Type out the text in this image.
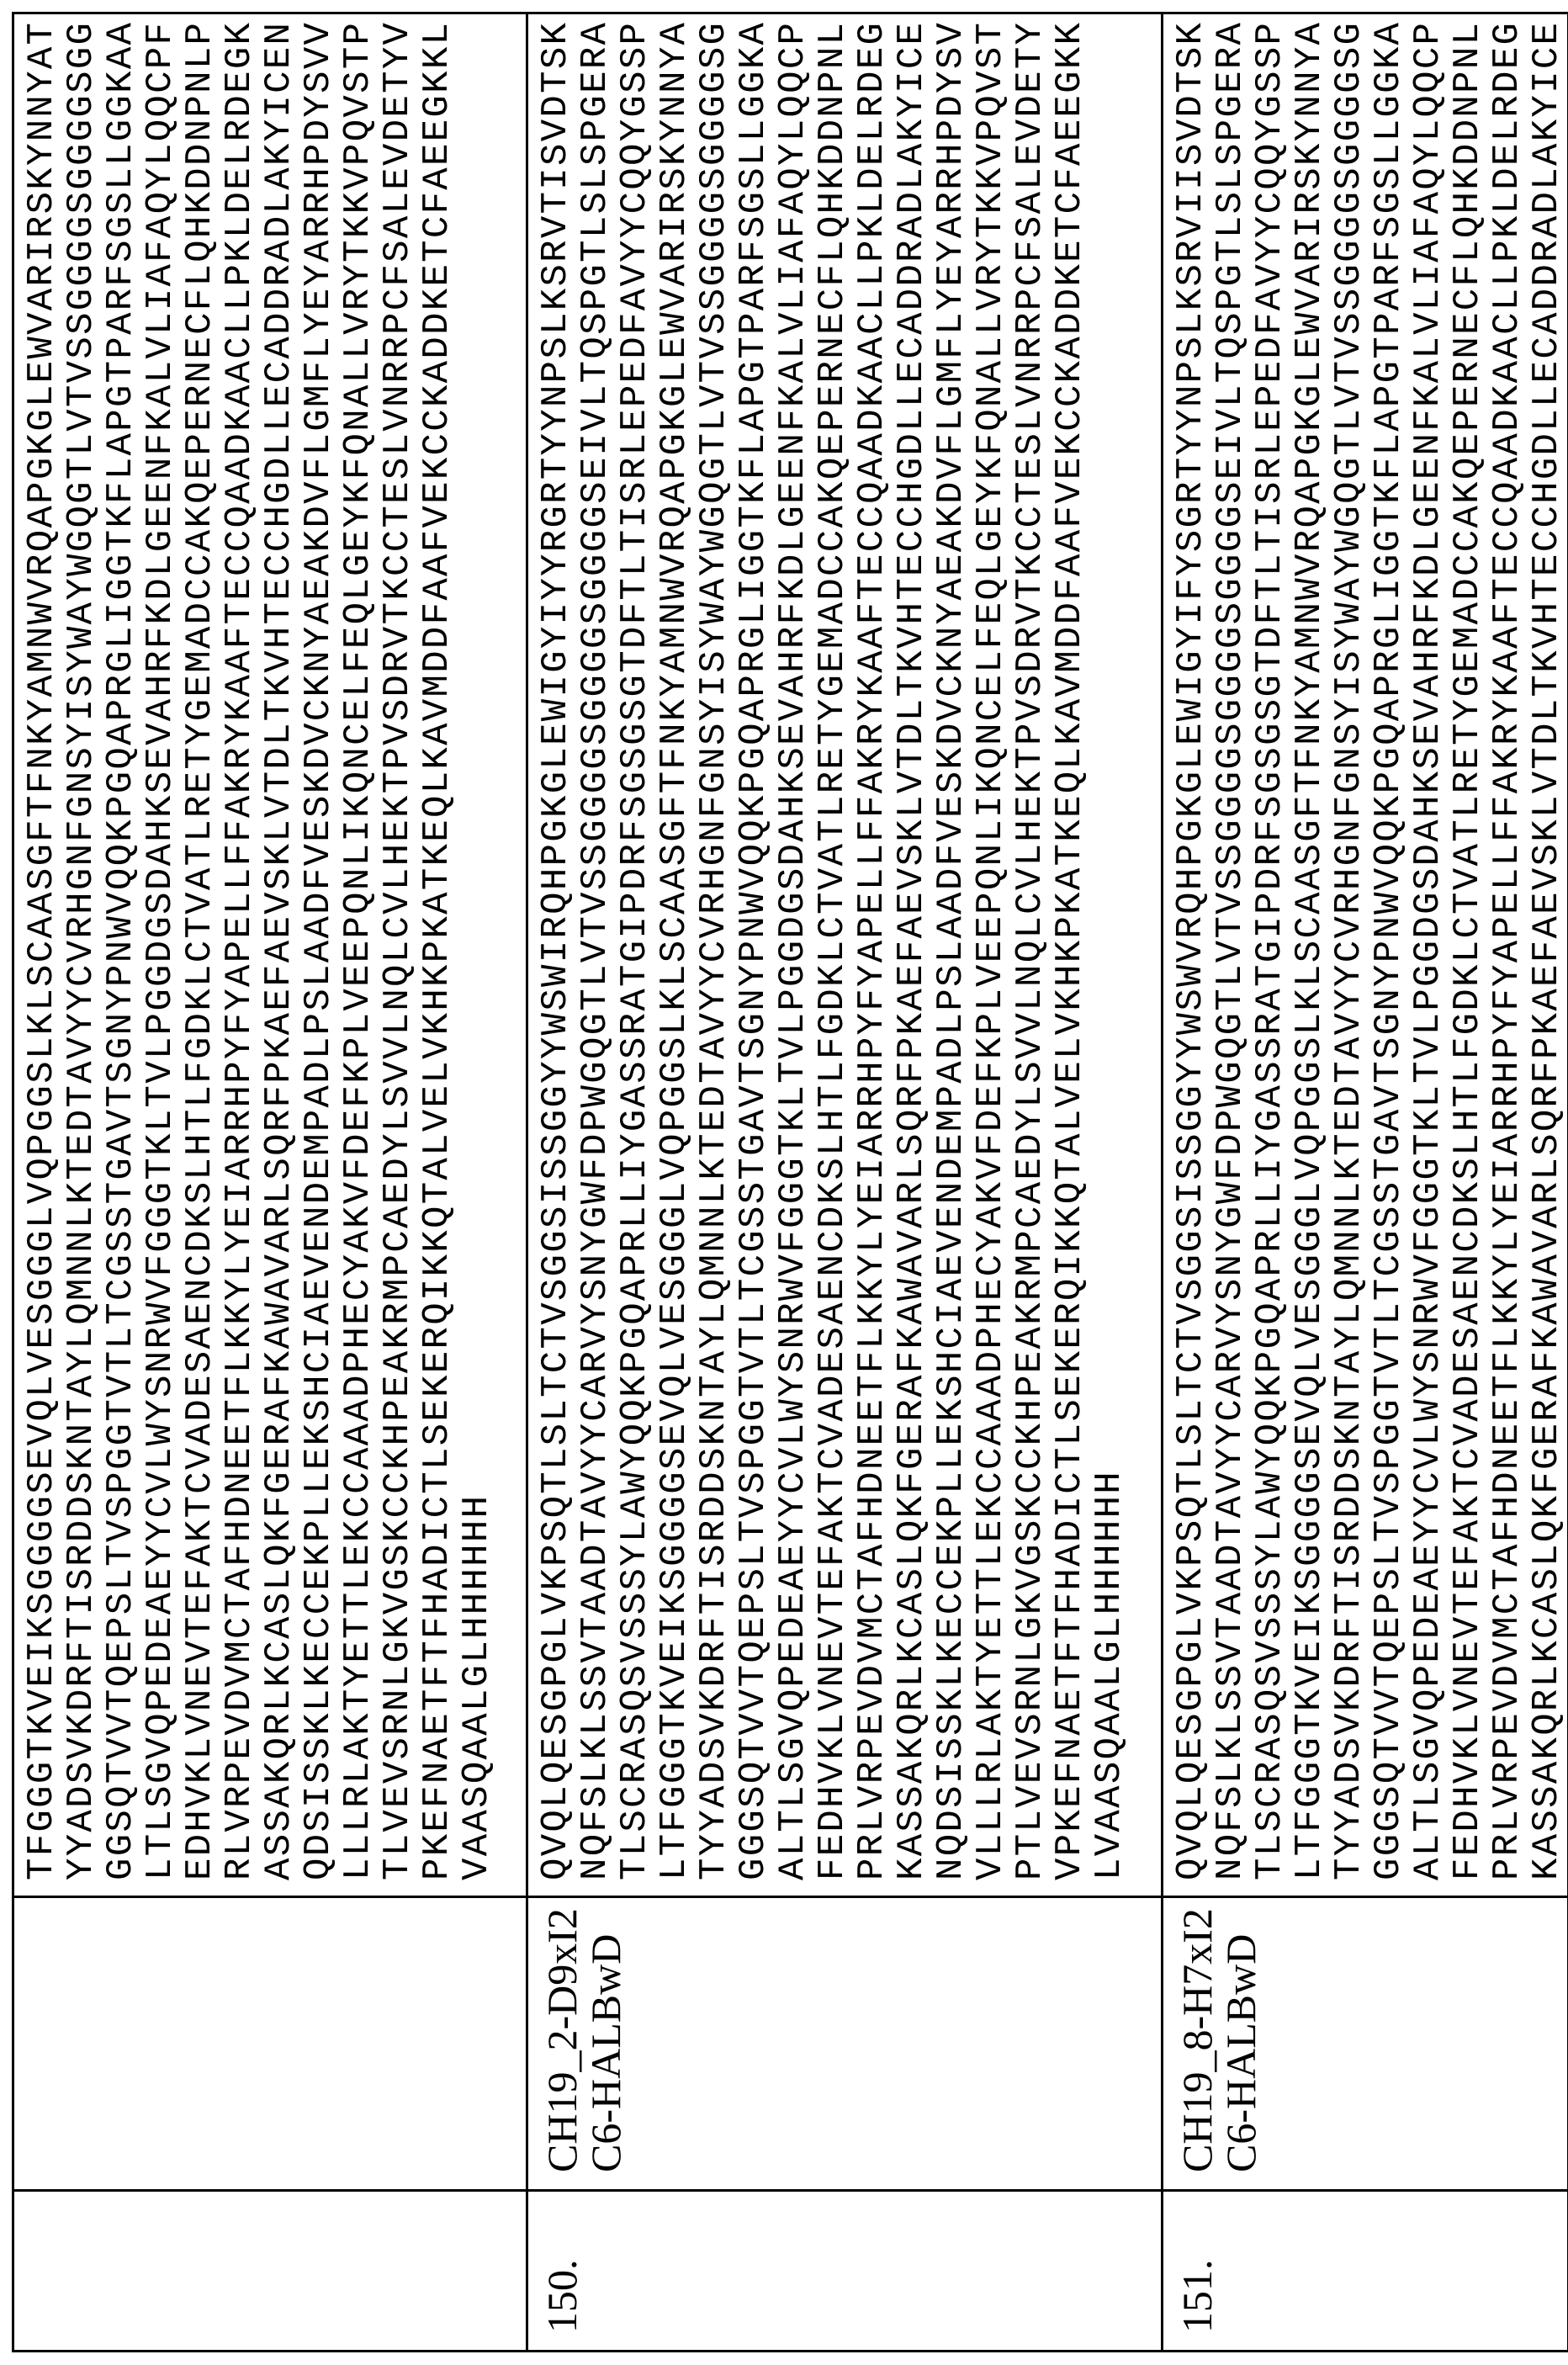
TFGGGTKVEIKSGGGGSEVQLVESGGGLVQPGGSLKLSCAASGFTFNKYAMNWVRQAPGKGLEWVARIRSKYNNYAT
YYADSVKDRFTISRDDSKNTAYLQMNNLKTEDTAVYYCVRHGNFGNSYISYWAYWGQGTLVTVSSGGGGSGGGGSGG
GGSQTVVTQEPSLTVSPGGTVTLTCGSSTGAVTSGNYPNWVQQKPGQAPRGLIGGTKFLAPGTPARFSGSLLGGKAA
LTLSGVQPEDEAEYYCVLWYSNRWVFGGGTKLTVLPGGDGSDAHKSEVAHRFKDLGEENFKALVLIAFAQYLQQCPF
EDHVKLVNEVTEFAKTCVADESAENCDKSLHTLFGDKLCTVATLRETYGEMADCCAKQEPERNECFLQHKDDNPNLP
RLVRPEVDVMCTAFHDNEETFLKKYLYEIARRHPYFYAPELLFFAKRYKAAFTECCQAADKAACLLPKLDELRDEGK
ASSAKQRLKCASLQKFGERAFKAWAVARLSQRFPKAEFAEVSKLVTDLTKVHTECCHGDLLECADDRADLAKYICEN
QDSISSKLKECCEKPLLEKSHCIAEVENDEMPADLPSLAADFVESKDVCKNYAEAKDVFLGMFLYEYARRHPDYSVV
LLLRLAKTYETTLEKCCAAADPHECYAKVFDEFKPLVEEPQNLIKQNCELFEQLGEYKFQNALLVRYTKKVPQVSTP
TLVEVSRNLGKVGSKCCKHPEAKRMPCAEDYLSVVLNQLCVLHEKTPVSDRVTKCCTESLVNRRPCFSALEVDETYV
PKEFNAETFTFHADICTLSEKERQIKKQTALVELVKHKPKATKEQLKAVMDDFAAFVEKCCKADDKETCFAEEGKKL
VAASQAALGLHHHHHH

150.

CH19_2-D9xI2C6-HALBwD

QVQLQESGPGLVKPSQTLSLTCTVSGGSISSGGYYWSWIRQHPGKGLEWIGYIYYRGRTYYNPSLKSRVTISVDTSK
NQFSLKLSSVTAADTAVYYCARVYSNYGWFDPWGQGTLVTVSSGGGGSGGGGSGGGGSEIVLTQSPGTLSLSPGERA
TLSCRASQSVSSSYLAWYQQKPGQAPRLLIYGASSRATGIPDRFSGSGSGTDFTLTISRLEPEDFAVYYCQQYGSSP
LTFGGGTKVEIKSGGGGSEVQLVESGGGLVQPGGSLKLSCAASGFTFNKYAMNWVRQAPGKGLEWVARIRSKYNNYA
TYYADSVKDRFTISRDDSKNTAYLQMNNLKTEDTAVYYCVRHGNFGNSYISYWAYWGQGTLVTVSSGGGGSGGGGSG
GGGSQTVVTQEPSLTVSPGGTVTLTCGSSTGAVTSGNYPNWVQQKPGQAPRGLIGGTKFLAPGTPARFSGSLLGGKA
ALTLSGVQPEDEAEYYCVLWYSNRWVFGGGTKLTVLPGGDGSDAHKSEVAHRFKDLGEENFKALVLIAFAQYLQQCP
FEDHVKLVNEVTEFAKTCVADESAENCDKSLHTLFGDKLCTVATLRETYGEMADCCAKQEPERNECFLQHKDDNPNL
PRLVRPEVDVMCTAFHDNEETFLKKYLYEIARRHPYFYAPELLFFAKRYKAAFTECCQAADKAACLLPKLDELRDEG
KASSAKQRLKCASLQKFGERAFKAWAVARLSQRFPKAEFAEVSKLVTDLTKVHTECCHGDLLECADDRADLAKYICE
NQDSISSKLKECCEKPLLEKSHCIAEVENDEMPADLPSLAADFVESKDVCKNYAEAKDVFLGMFLYEYARRHPDYSV
VLLLRLAKTYETTLEKCCAAADPHECYAKVFDEFKPLVEEPQNLIKQNCELFEQLGEYKFQNALLVRYTKKVPQVST
PTLVEVSRNLGKVGSKCCKHPEAKRMPCAEDYLSVVLNQLCVLHEKTPVSDRVTKCCTESLVNRRPCFSALEVDETY
VPKEFNAETFTFHADICTLSEKERQIKKQTALVELVKHKPKATKEQLKAVMDDFAAFVEKCCKADDKETCFAEEGKK
LVAASQAALGLHHHHHH

151.

CH19_8-H7xI2C6-HALBwD

QVQLQESGPGLVKPSQTLSLTCTVSGGSISSGGYYWSWVRQHPGKGLEWIGYIFYSGRTYYNPSLKSRVIISVDTSK
NQFSLKLSSVTAADTAVYYCARVYSNYGWFDPWGQGTLVTVSSGGGGSGGGGSGGGGSEIVLTQSPGTLSLSPGERA
TLSCRASQSVSSSYLAWYQQKPGQAPRLLIYGASSRATGIPDRFSGSGSGTDFTLTISRLEPEDFAVYYCQQYGSSP
LTFGGGTKVEIKSGGGGSEVQLVESGGGLVQPGGSLKLSCAASGFTFNKYAMNWVRQAPGKGLEWVARIRSKYNNYA
TYYADSVKDRFTISRDDSKNTAYLQMNNLKTEDTAVYYCVRHGNFGNSYISYWAYWGQGTLVTVSSGGGGSGGGGSG
GGGSQTVVTQEPSLTVSPGGTVTLTCGSSTGAVTSGNYPNWVQQKPGQAPRGLIGGTKFLAPGTPARFSGSLLGGKA
ALTLSGVQPEDEAEYYCVLWYSNRWVFGGGTKLTVLPGGDGSDAHKSEVAHRFKDLGEENFKALVLIAFAQYLQQCP
FEDHVKLVNEVTEFAKTCVADESAENCDKSLHTLFGDKLCTVATLRETYGEMADCCAKQEPERNECFLQHKDDNPNL
PRLVRPEVDVMCTAFHDNEETFLKKYLYEIARRHPYFYAPELLFFAKRYKAAFTECCQAADKAACLLPKLDELRDEG
KASSAKQRLKCASLQKFGERAFKAWAVARLSQRFPKAEFAEVSKLVTDLTKVHTECCHGDLLECADDRADLAKYICE
